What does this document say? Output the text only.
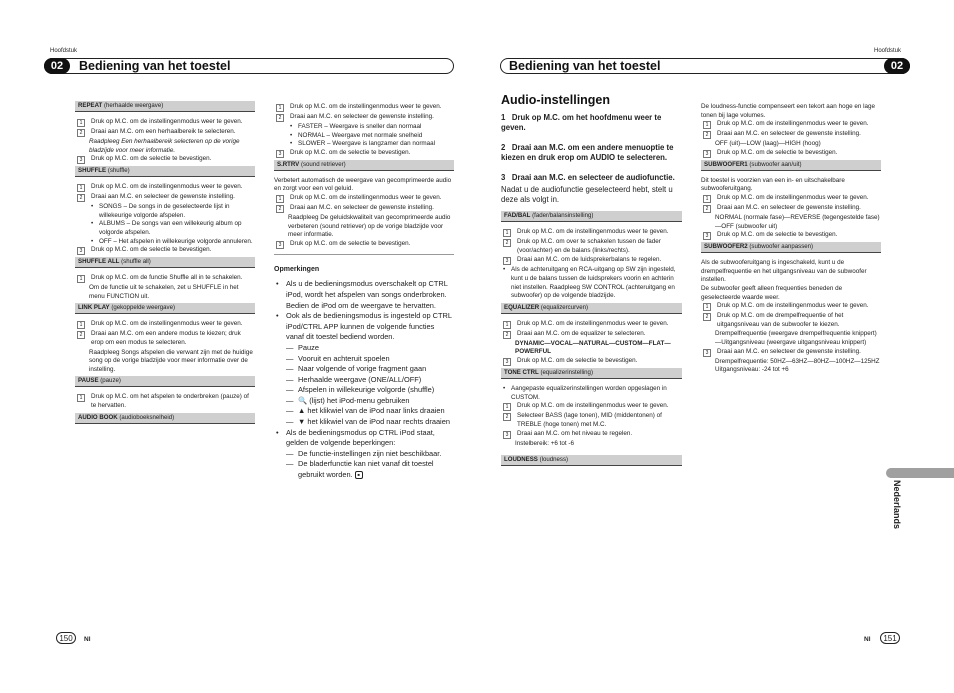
Hoofdstuk	Hoofdstuk
02	Bediening van het toestel	Bediening van het toestel	02
REPEAT (herhaalde weergave)
1	Druk op M.C. om de instellingenmodus weer te geven.
2	Draai aan M.C. om een herhaalbereik te selecteren.
Raadpleeg Een herhaalbereik selecteren op de vorige bladzijde voor meer informatie.
3	Druk op M.C. om de selectie te bevestigen.
SHUFFLE (shuffle)
1	Druk op M.C. om de instellingenmodus weer te geven.
2	Draai aan M.C. en selecteer de gewenste instelling.
• SONGS – De songs in de geselecteerde lijst in willekeurige volgorde afspelen.
• ALBUMS – De songs van een willekeurig album op volgorde afspelen.
• OFF – Het afspelen in willekeurige volgorde annuleren.
3	Druk op M.C. om de selectie te bevestigen.
SHUFFLE ALL (shuffle all)
1	Druk op M.C. om de functie Shuffle all in te schakelen.
Om de functie uit te schakelen, zet u SHUFFLE in het menu FUNCTION uit.
LINK PLAY (gekoppelde weergave)
1	Druk op M.C. om de instellingenmodus weer te geven.
2	Draai aan M.C. om een andere modus te kiezen; druk erop om een modus te selecteren.
Raadpleeg Songs afspelen die verwant zijn met de huidige song op de vorige bladzijde voor meer informatie over de instelling.
PAUSE (pauze)
1	Druk op M.C. om het afspelen te onderbreken (pauze) of te hervatten.
AUDIO BOOK (audioboeksnelheid)
1	Druk op M.C. om de instellingenmodus weer te geven.
2	Draai aan M.C. en selecteer de gewenste instelling.
• FASTER – Weergave is sneller dan normaal
• NORMAL – Weergave met normale snelheid
• SLOWER – Weergave is langzamer dan normaal
3	Druk op M.C. om de selectie te bevestigen.
S.RTRV (sound retriever)
Verbetert automatisch de weergave van gecomprimeerde audio en zorgt voor een vol geluid.
1	Druk op M.C. om de instellingenmodus weer te geven.
2	Draai aan M.C. en selecteer de gewenste instelling.
Raadpleeg De geluidskwaliteit van gecomprimeerde audio verbeteren (sound retriever) op de vorige bladzijde voor meer informatie.
3	Druk op M.C. om de selectie te bevestigen.
Opmerkingen
•	Als u de bedieningsmodus overschakelt op CTRL iPod, wordt het afspelen van songs onderbroken. Bedien de iPod om de weergave te hervatten.
•	Ook als de bedieningsmodus is ingesteld op CTRL iPod/CTRL APP kunnen de volgende functies vanaf dit toestel bediend worden.
— Pauze
— Vooruit en achteruit spoelen
— Naar volgende of vorige fragment gaan
— Herhaalde weergave (ONE/ALL/OFF)
— Afspelen in willekeurige volgorde (shuffle)
— 🔍 (lijst) het iPod-menu gebruiken
— ▲ het klikwiel van de iPod naar links draaien
— ▼ het klikwiel van de iPod naar rechts draaien
•	Als de bedieningsmodus op CTRL iPod staat, gelden de volgende beperkingen:
— De functie-instellingen zijn niet beschikbaar.
— De bladerfunctie kan niet vanaf dit toestel gebruikt worden. ■
Audio-instellingen
1   Druk op M.C. om het hoofdmenu weer te geven.
2   Draai aan M.C. om een andere menuoptie te kiezen en druk erop om AUDIO te selecteren.
3   Draai aan M.C. en selecteer de audiofunctie.
Nadat u de audiofunctie geselecteerd hebt, stelt u deze als volgt in.
FAD/BAL (fader/balansinstelling)
1	Druk op M.C. om de instellingenmodus weer te geven.
2	Druk op M.C. om over te schakelen tussen de fader (voor/achter) en de balans (links/rechts).
3	Draai aan M.C. om de luidsprekerbalans te regelen.
• Als de achteruitgang en RCA-uitgang op SW zijn ingesteld, kunt u de balans tussen de luidsprekers voorin en achterin niet instellen. Raadpleeg SW CONTROL (achteruitgang en subwoofer) op de volgende bladzijde.
EQUALIZER (equalizercurven)
1	Druk op M.C. om de instellingenmodus weer te geven.
2	Draai aan M.C. om de equalizer te selecteren.
DYNAMIC—VOCAL—NATURAL—CUSTOM—FLAT—POWERFUL
3	Druk op M.C. om de selectie te bevestigen.
TONE CTRL (equalizerinstelling)
• Aangepaste equalizerinstellingen worden opgeslagen in CUSTOM.
1	Druk op M.C. om de instellingenmodus weer te geven.
2	Selecteer BASS (lage tonen), MID (middentonen) of TREBLE (hoge tonen) met M.C.
3	Draai aan M.C. om het niveau te regelen.
Instelbereik: +6 tot -6
LOUDNESS (loudness)
De loudness-functie compenseert een tekort aan hoge en lage tonen bij lage volumes.
1	Druk op M.C. om de instellingenmodus weer te geven.
2	Draai aan M.C. en selecteer de gewenste instelling.
OFF (uit)—LOW (laag)—HIGH (hoog)
3	Druk op M.C. om de selectie te bevestigen.
SUBWOOFER1 (subwoofer aan/uit)
Dit toestel is voorzien van een in- en uitschakelbare subwooferuitgang.
1	Druk op M.C. om de instellingenmodus weer te geven.
2	Draai aan M.C. en selecteer de gewenste instelling.
NORMAL (normale fase)—REVERSE (tegengestelde fase)—OFF (subwoofer uit)
3	Druk op M.C. om de selectie te bevestigen.
SUBWOOFER2 (subwoofer aanpassen)
Als de subwooferuitgang is ingeschakeld, kunt u de drempelfrequentie en het uitgangsniveau van de subwoofer instellen.
De subwoofer geeft alleen frequenties beneden de geselecteerde waarde weer.
1	Druk op M.C. om de instellingenmodus weer te geven.
2	Druk op M.C. om de drempelfrequentie of het uitgangsniveau van de subwoofer te kiezen.
Drempelfrequentie (weergave drempelfrequentie knippert)—Uitgangsniveau (weergave uitgangsniveau knippert)
3	Draai aan M.C. en selecteer de gewenste instelling.
Drempelfrequentie: 50HZ—63HZ—80HZ—100HZ—125HZ
Uitgangsniveau: -24 tot +6
Nederlands
150	Nl	151
Nl
